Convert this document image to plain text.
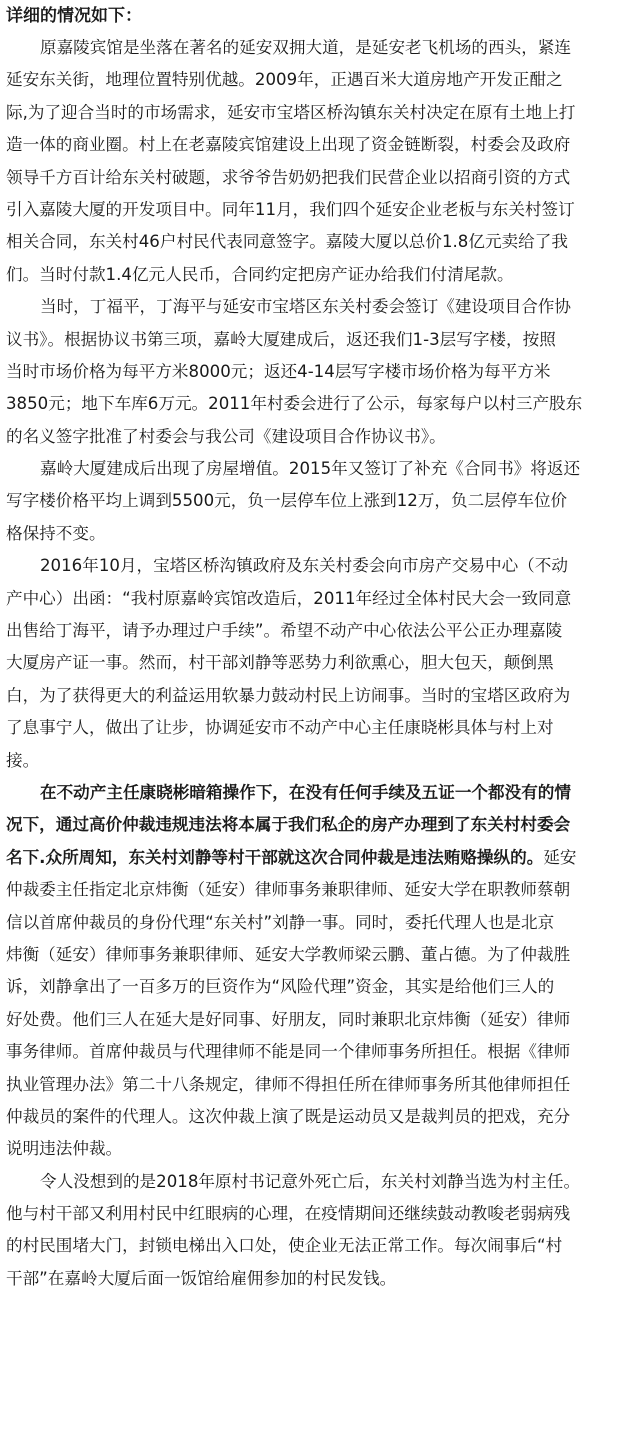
详细的情况如下：
原嘉陵宾馆是坐落在著名的延安双拥大道，是延安老飞机场的西头，紧连
延安东关街，地理位置特别优越。2009年，正遇百米大道房地产开发正酣之
际,为了迎合当时的市场需求，延安市宝塔区桥沟镇东关村决定在原有土地上打
造一体的商业圈。村上在老嘉陵宾馆建设上出现了资金链断裂，村委会及政府
领导千方百计给东关村破题，求爷爷告奶奶把我们民营企业以招商引资的方式
引入嘉陵大厦的开发项目中。同年11月，我们四个延安企业老板与东关村签订
相关合同，东关村46户村民代表同意签字。嘉陵大厦以总价1.8亿元卖给了我
们。当时付款1.4亿元人民币，合同约定把房产证办给我们付清尾款。
当时，丁福平，丁海平与延安市宝塔区东关村委会签订《建设项目合作协
议书》。根据协议书第三项，嘉岭大厦建成后，返还我们1-3层写字楼，按照
当时市场价格为每平方米8000元；返还4-14层写字楼市场价格为每平方米
3850元；地下车库6万元。2011年村委会进行了公示，每家每户以村三产股东
的名义签字批准了村委会与我公司《建设项目合作协议书》。
嘉岭大厦建成后出现了房屋增值。2015年又签订了补充《合同书》将返还
写字楼价格平均上调到5500元，负一层停车位上涨到12万，负二层停车位价
格保持不变。
2016年10月，宝塔区桥沟镇政府及东关村委会向市房产交易中心（不动
产中心）出函：“我村原嘉岭宾馆改造后，2011年经过全体村民大会一致同意
出售给丁海平，请予办理过户手续”。希望不动产中心依法公平公正办理嘉陵
大厦房产证一事。然而，村干部刘静等恶势力利欲熏心，胆大包天，颠倒黑
白，为了获得更大的利益运用软暴力鼓动村民上访闹事。当时的宝塔区政府为
了息事宁人，做出了让步，协调延安市不动产中心主任康晓彬具体与村上对
接。
在不动产主任康晓彬暗箱操作下，在没有任何手续及五证一个都没有的情
况下，通过高价仲裁违规违法将本属于我们私企的房产办理到了东关村村委会
名下.众所周知，东关村刘静等村干部就这次合同仲裁是违法贿赂操纵的。延安
仲裁委主任指定北京炜衡（延安）律师事务兼职律师、延安大学在职教师蔡朝
信以首席仲裁员的身份代理“东关村”刘静一事。同时，委托代理人也是北京
炜衡（延安）律师事务兼职律师、延安大学教师梁云鹏、董占德。为了仲裁胜
诉，刘静拿出了一百多万的巨资作为“风险代理”资金，其实是给他们三人的
好处费。他们三人在延大是好同事、好朋友，同时兼职北京炜衡（延安）律师
事务律师。首席仲裁员与代理律师不能是同一个律师事务所担任。根据《律师
执业管理办法》第二十八条规定，律师不得担任所在律师事务所其他律师担任
仲裁员的案件的代理人。这次仲裁上演了既是运动员又是裁判员的把戏，充分
说明违法仲裁。
令人没想到的是2018年原村书记意外死亡后，东关村刘静当选为村主任。
他与村干部又利用村民中红眼病的心理，在疫情期间还继续鼓动教唆老弱病残
的村民围堵大门，封锁电梯出入口处，使企业无法正常工作。每次闹事后“村
干部”在嘉岭大厦后面一饭馆给雇佣参加的村民发钱。
